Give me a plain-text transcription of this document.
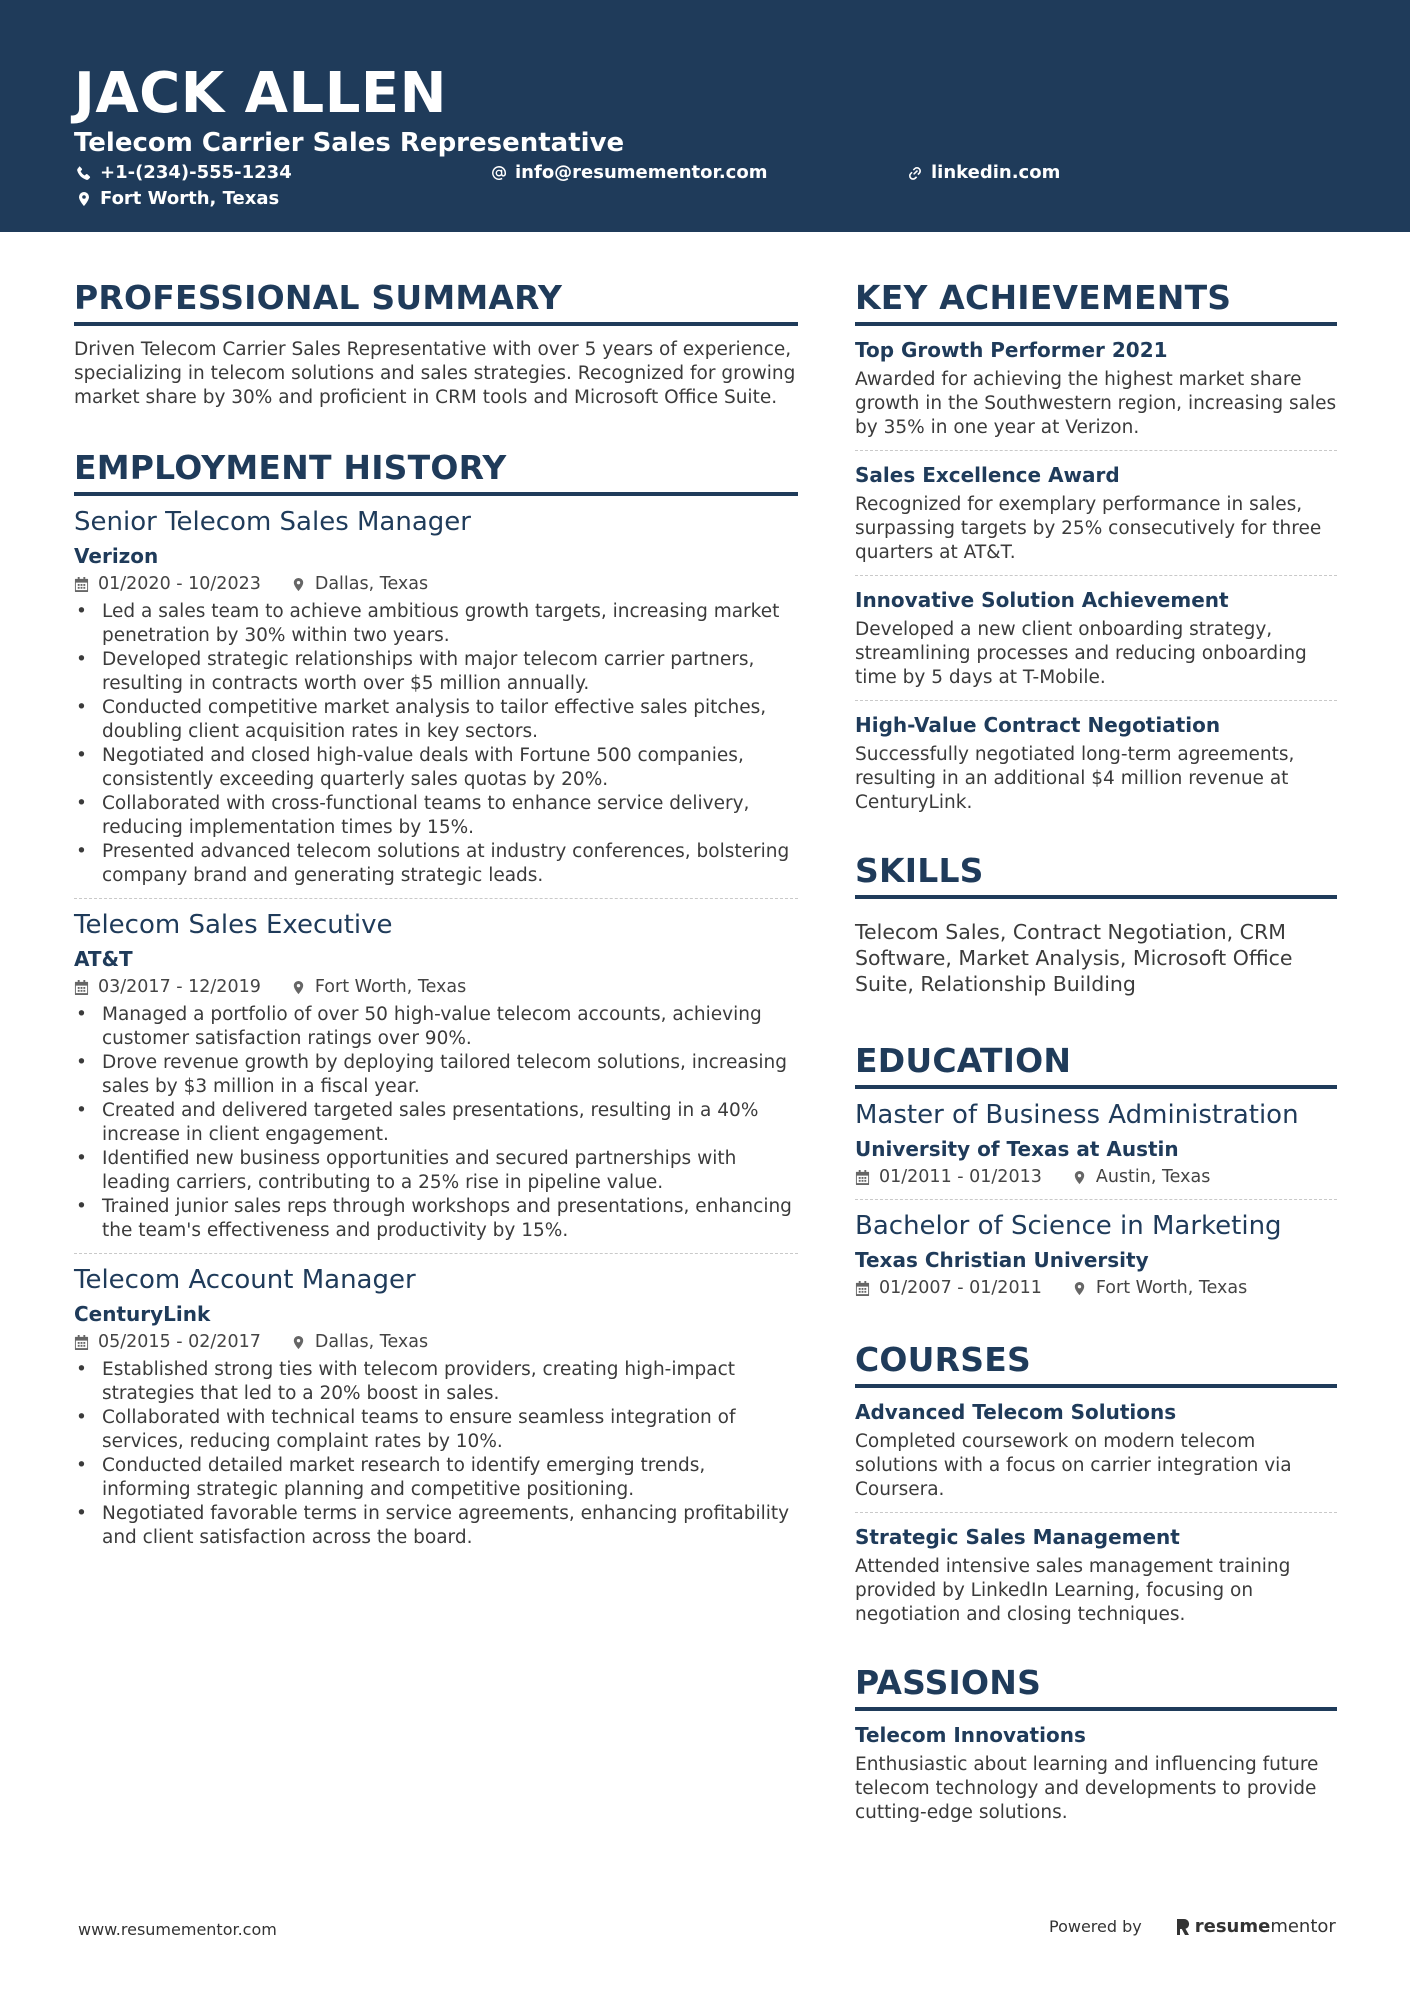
JACK ALLEN
Telecom Carrier Sales Representative
+1-(234)-555-1234	info@resumementor.com	linkedin.com
Fort Worth, Texas
PROFESSIONAL SUMMARY
Driven Telecom Carrier Sales Representative with over 5 years of experience, specializing in telecom solutions and sales strategies. Recognized for growing market share by 30% and proficient in CRM tools and Microsoft Office Suite.
EMPLOYMENT HISTORY
Senior Telecom Sales Manager
Verizon
01/2020 - 10/2023	Dallas, Texas
• Led a sales team to achieve ambitious growth targets, increasing market penetration by 30% within two years.
• Developed strategic relationships with major telecom carrier partners, resulting in contracts worth over $5 million annually.
• Conducted competitive market analysis to tailor effective sales pitches, doubling client acquisition rates in key sectors.
• Negotiated and closed high-value deals with Fortune 500 companies, consistently exceeding quarterly sales quotas by 20%.
• Collaborated with cross-functional teams to enhance service delivery, reducing implementation times by 15%.
• Presented advanced telecom solutions at industry conferences, bolstering company brand and generating strategic leads.
Telecom Sales Executive
AT&T
03/2017 - 12/2019	Fort Worth, Texas
• Managed a portfolio of over 50 high-value telecom accounts, achieving customer satisfaction ratings over 90%.
• Drove revenue growth by deploying tailored telecom solutions, increasing sales by $3 million in a fiscal year.
• Created and delivered targeted sales presentations, resulting in a 40% increase in client engagement.
• Identified new business opportunities and secured partnerships with leading carriers, contributing to a 25% rise in pipeline value.
• Trained junior sales reps through workshops and presentations, enhancing the team's effectiveness and productivity by 15%.
Telecom Account Manager
CenturyLink
05/2015 - 02/2017	Dallas, Texas
• Established strong ties with telecom providers, creating high-impact strategies that led to a 20% boost in sales.
• Collaborated with technical teams to ensure seamless integration of services, reducing complaint rates by 10%.
• Conducted detailed market research to identify emerging trends, informing strategic planning and competitive positioning.
• Negotiated favorable terms in service agreements, enhancing profitability and client satisfaction across the board.
KEY ACHIEVEMENTS
Top Growth Performer 2021
Awarded for achieving the highest market share growth in the Southwestern region, increasing sales by 35% in one year at Verizon.
Sales Excellence Award
Recognized for exemplary performance in sales, surpassing targets by 25% consecutively for three quarters at AT&T.
Innovative Solution Achievement
Developed a new client onboarding strategy, streamlining processes and reducing onboarding time by 5 days at T-Mobile.
High-Value Contract Negotiation
Successfully negotiated long-term agreements, resulting in an additional $4 million revenue at CenturyLink.
SKILLS
Telecom Sales, Contract Negotiation, CRM Software, Market Analysis, Microsoft Office Suite, Relationship Building
EDUCATION
Master of Business Administration
University of Texas at Austin
01/2011 - 01/2013	Austin, Texas
Bachelor of Science in Marketing
Texas Christian University
01/2007 - 01/2011	Fort Worth, Texas
COURSES
Advanced Telecom Solutions
Completed coursework on modern telecom solutions with a focus on carrier integration via Coursera.
Strategic Sales Management
Attended intensive sales management training provided by LinkedIn Learning, focusing on negotiation and closing techniques.
PASSIONS
Telecom Innovations
Enthusiastic about learning and influencing future telecom technology and developments to provide cutting-edge solutions.
www.resumementor.com	Powered by	resume mentor
